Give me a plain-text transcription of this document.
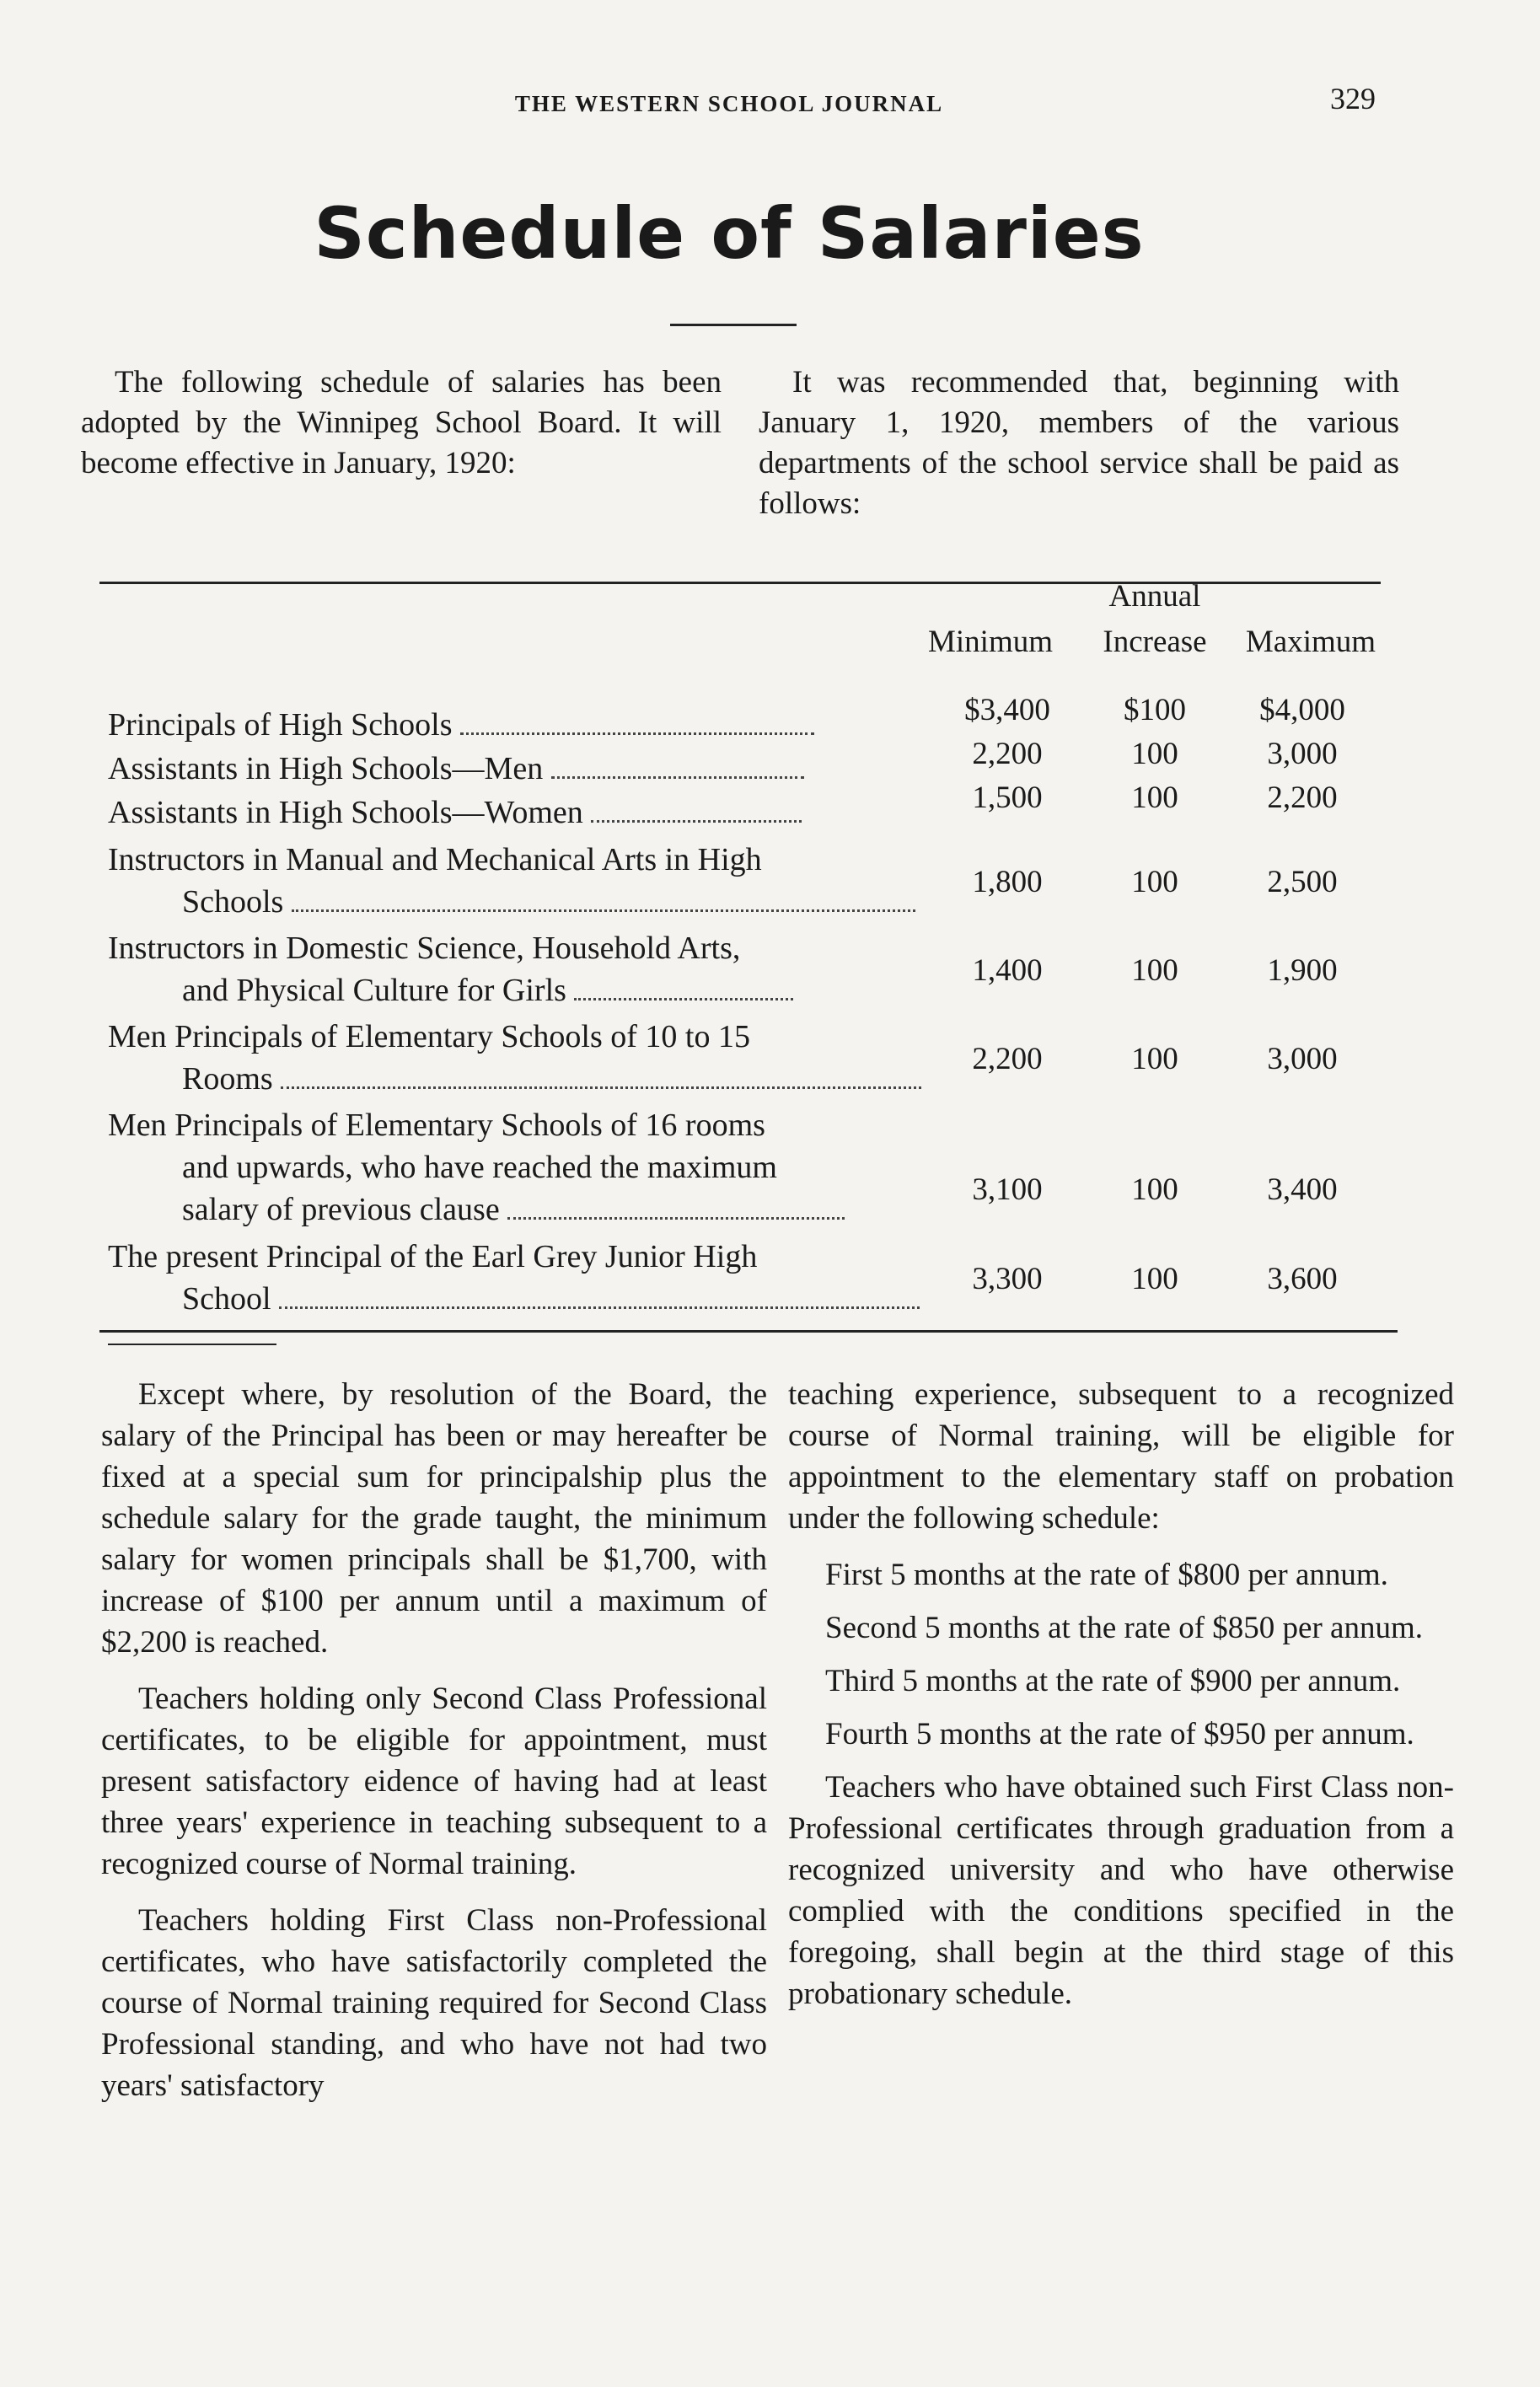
THE WESTERN SCHOOL JOURNAL	329
Schedule of Salaries
The following schedule of salaries has been adopted by the Winnipeg School Board. It will become effective in January, 1920:
It was recommended that, beginning with January 1, 1920, members of the various departments of the school service shall be paid as follows:
Annual
Minimum	Increase	Maximum
Principals of High Schools	$3,400	$100	$4,000
Assistants in High Schools—Men	2,200	100	3,000
Assistants in High Schools—Women	1,500	100	2,200
Instructors in Manual and Mechanical Arts in High
Schools
1,800	100	2,500
Instructors in Domestic Science, Household Arts,
and Physical Culture for Girls
1,400	100	1,900
Men Principals of Elementary Schools of 10 to 15
Rooms
2,200	100	3,000
Men Principals of Elementary Schools of 16 rooms
and upwards, who have reached the maximum
salary of previous clause
3,100	100	3,400
The present Principal of the Earl Grey Junior High
School
3,300	100	3,600

Except where, by resolution of the Board, the salary of the Principal has been or may hereafter be fixed at a special sum for principalship plus the schedule salary for the grade taught, the minimum salary for women principals shall be $1,700, with increase of $100 per annum until a maximum of $2,200 is reached.

Teachers holding only Second Class Professional certificates, to be eligible for appointment, must present satisfactory eidence of having had at least three years' experience in teaching subsequent to a recognized course of Normal training.

Teachers holding First Class non-Professional certificates, who have satisfactorily completed the course of Normal training required for Second Class Professional standing, and who have not had two years' satisfactory

teaching experience, subsequent to a recognized course of Normal training, will be eligible for appointment to the elementary staff on probation under the following schedule:

First 5 months at the rate of $800 per annum.

Second 5 months at the rate of $850 per annum.

Third 5 months at the rate of $900 per annum.

Fourth 5 months at the rate of $950 per annum.

Teachers who have obtained such First Class non-Professional certificates through graduation from a recognized university and who have otherwise complied with the conditions specified in the foregoing, shall begin at the third stage of this probationary schedule.
